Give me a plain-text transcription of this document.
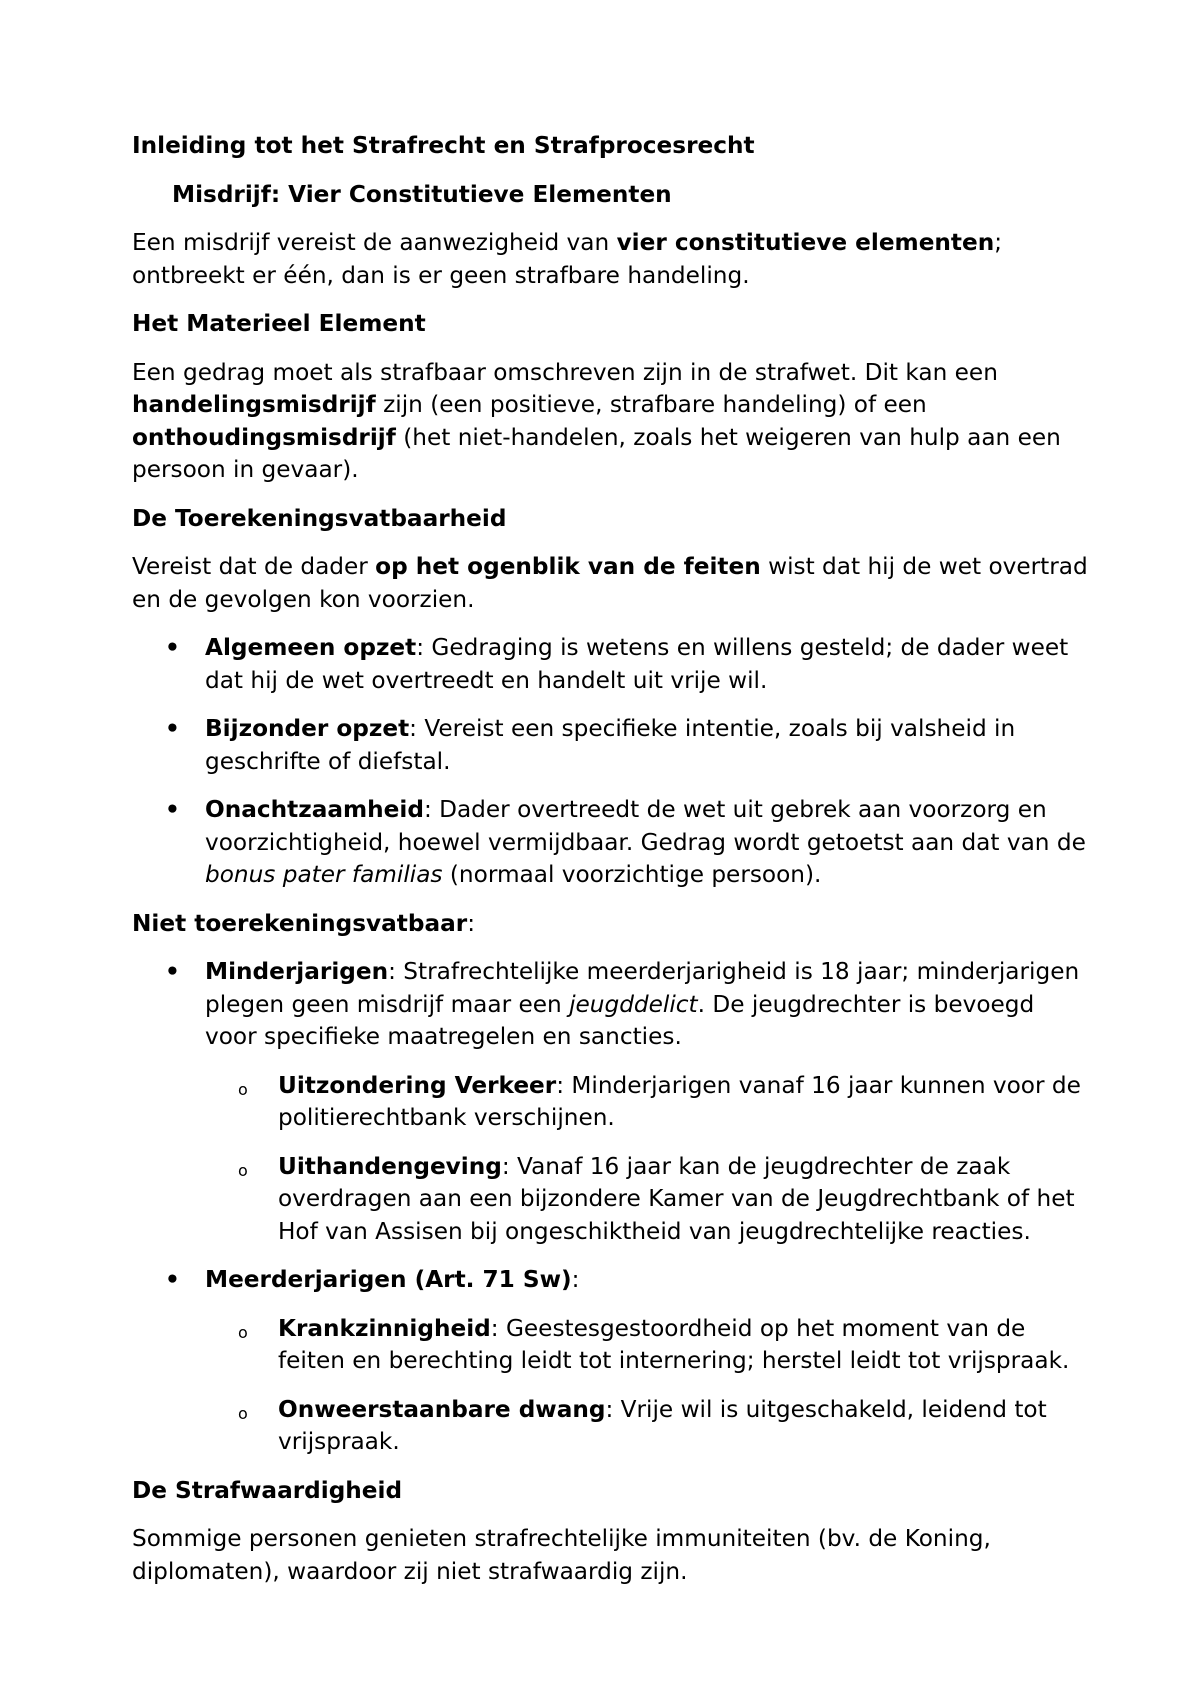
Inleiding tot het Strafrecht en Strafprocesrecht

Misdrijf: Vier Constitutieve Elementen

Een misdrijf vereist de aanwezigheid van vier constitutieve elementen; ontbreekt er één, dan is er geen strafbare handeling.

Het Materieel Element

Een gedrag moet als strafbaar omschreven zijn in de strafwet. Dit kan een handelingsmisdrijf zijn (een positieve, strafbare handeling) of een onthoudingsmisdrijf (het niet-handelen, zoals het weigeren van hulp aan een persoon in gevaar).

De Toerekeningsvatbaarheid

Vereist dat de dader op het ogenblik van de feiten wist dat hij de wet overtrad en de gevolgen kon voorzien.

• Algemeen opzet: Gedraging is wetens en willens gesteld; de dader weet dat hij de wet overtreedt en handelt uit vrije wil.
• Bijzonder opzet: Vereist een specifieke intentie, zoals bij valsheid in geschrifte of diefstal.
• Onachtzaamheid: Dader overtreedt de wet uit gebrek aan voorzorg en voorzichtigheid, hoewel vermijdbaar. Gedrag wordt getoetst aan dat van de bonus pater familias (normaal voorzichtige persoon).

Niet toerekeningsvatbaar:

• Minderjarigen: Strafrechtelijke meerderjarigheid is 18 jaar; minderjarigen plegen geen misdrijf maar een jeugddelict. De jeugdrechter is bevoegd voor specifieke maatregelen en sancties.
o Uitzondering Verkeer: Minderjarigen vanaf 16 jaar kunnen voor de politierechtbank verschijnen.
o Uithandengeving: Vanaf 16 jaar kan de jeugdrechter de zaak overdragen aan een bijzondere Kamer van de Jeugdrechtbank of het Hof van Assisen bij ongeschiktheid van jeugdrechtelijke reacties.
• Meerderjarigen (Art. 71 Sw):
o Krankzinnigheid: Geestesgestoordheid op het moment van de feiten en berechting leidt tot internering; herstel leidt tot vrijspraak.
o Onweerstaanbare dwang: Vrije wil is uitgeschakeld, leidend tot vrijspraak.

De Strafwaardigheid

Sommige personen genieten strafrechtelijke immuniteiten (bv. de Koning, diplomaten), waardoor zij niet strafwaardig zijn.
